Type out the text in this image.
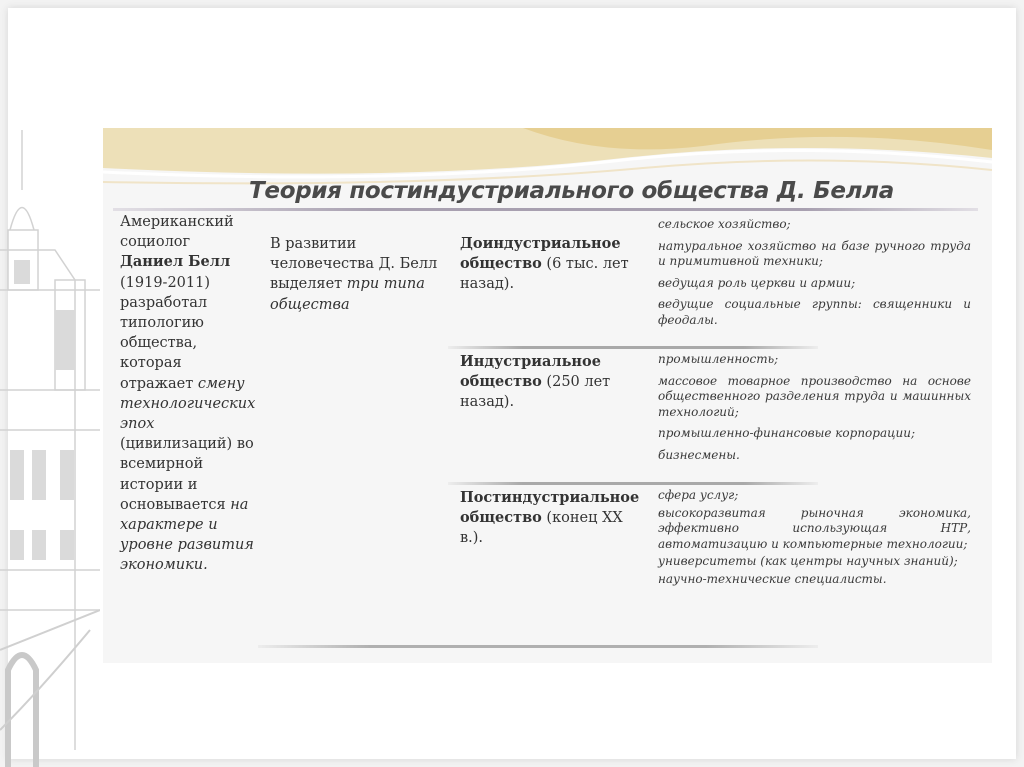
Теория постиндустриального общества Д. Белла
Американский социолог Даниел Белл (1919-2011) разработал типологию общества, которая отражает смену технологических эпох (цивилизаций) во всемирной истории и основывается на характере и уровне развития экономики.
В развитии человечества Д. Белл выделяет три типа общества
Доиндустриальное общество (6 тыс. лет назад).

сельское хозяйство;

натуральное хозяйство на базе ручного труда и примитивной техники;

ведущая роль церкви и армии;

ведущие социальные группы: священники и феодалы.

Индустриальное общество (250 лет назад).

промышленность;

массовое товарное производство на основе общественного разделения труда и машинных технологий;

промышленно-финансовые корпорации;

бизнесмены.

Постиндустриальное общество (конец XX в.).

сфера услуг;

высокоразвитая рыночная экономика, эффективно использующая НТР, автоматизацию и компьютерные технологии;

университеты (как центры научных знаний);

научно-технические специалисты.
